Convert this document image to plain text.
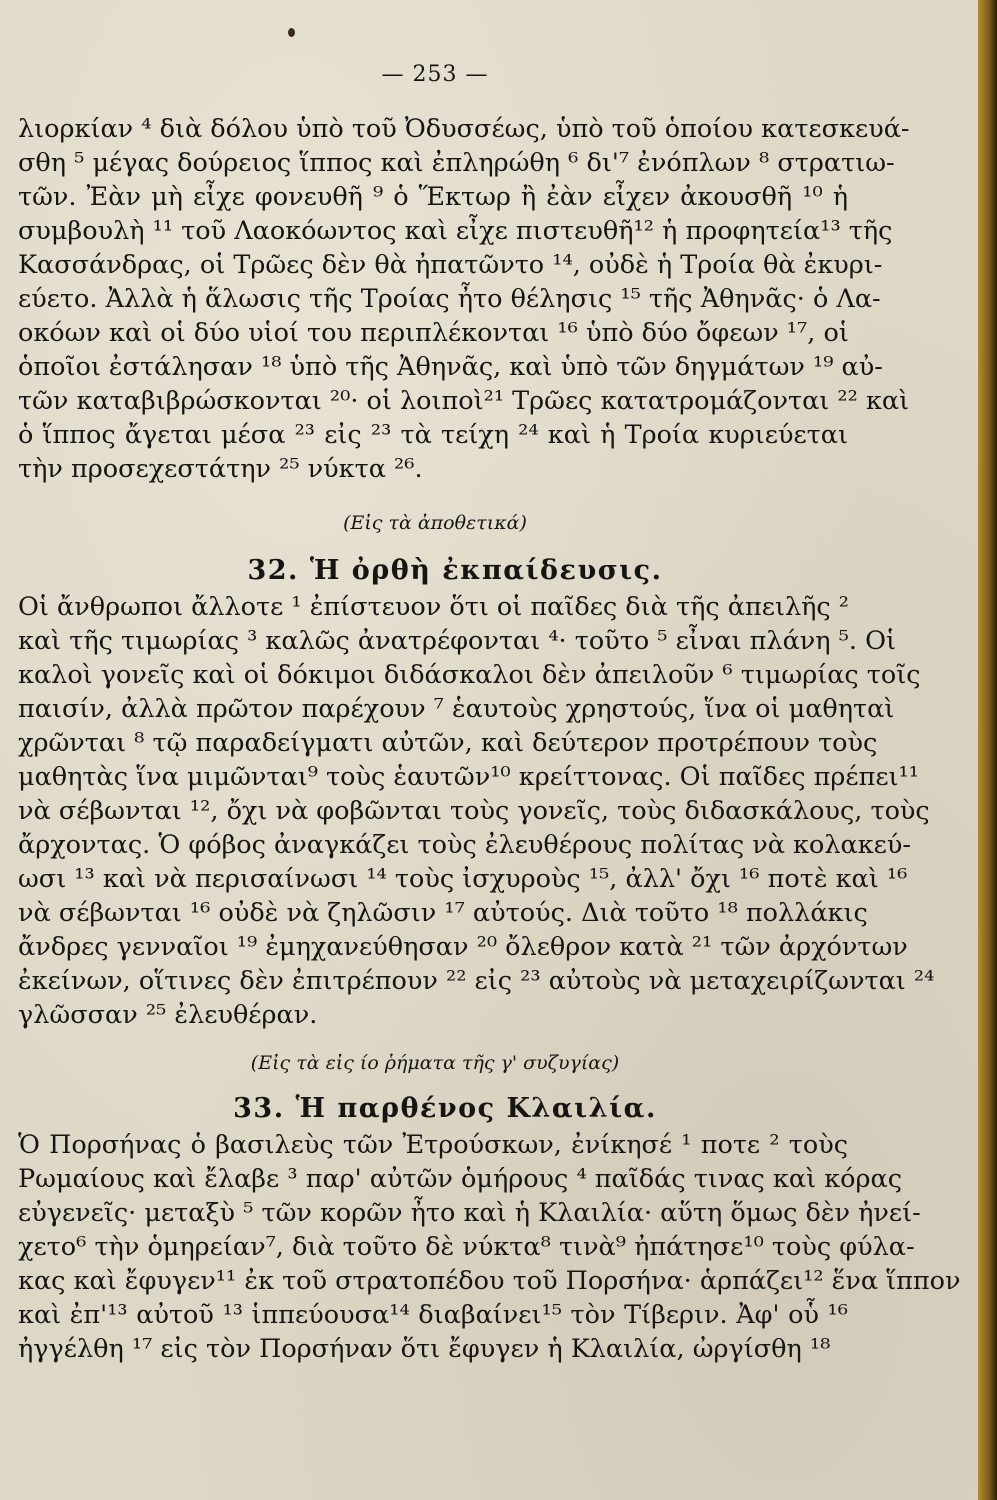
— 253 —
λιορκίαν ⁴ διὰ δόλου ὑπὸ τοῦ Ὀδυσσέως, ὑπὸ τοῦ ὁποίου κατεσκευά-
σθη ⁵ μέγας δούρειος ἵππος καὶ ἐπληρώθη ⁶ δι'⁷ ἐνόπλων ⁸ στρατιω-
τῶν. Ἐὰν μὴ εἶχε φονευθῆ ⁹ ὁ Ἕκτωρ ἢ ἐὰν εἶχεν ἀκουσθῆ ¹⁰ ἡ
συμβουλὴ ¹¹ τοῦ Λαοκόωντος καὶ εἶχε πιστευθῆ¹² ἡ προφητεία¹³ τῆς
Κασσάνδρας, οἱ Τρῶες δὲν θὰ ἠπατῶντο ¹⁴, οὐδὲ ἡ Τροία θὰ ἐκυρι-
εύετο. Ἀλλὰ ἡ ἅλωσις τῆς Τροίας ἦτο θέλησις ¹⁵ τῆς Ἀθηνᾶς· ὁ Λα-
οκόων καὶ οἱ δύο υἱοί του περιπλέκονται ¹⁶ ὑπὸ δύο ὄφεων ¹⁷, οἱ
ὁποῖοι ἐστάλησαν ¹⁸ ὑπὸ τῆς Ἀθηνᾶς, καὶ ὑπὸ τῶν δηγμάτων ¹⁹ αὐ-
τῶν καταβιβρώσκονται ²⁰· οἱ λοιποὶ²¹ Τρῶες κατατρομάζονται ²² καὶ
ὁ ἵππος ἄγεται μέσα ²³ εἰς ²³ τὰ τείχη ²⁴ καὶ ἡ Τροία κυριεύεται
τὴν προσεχεστάτην ²⁵ νύκτα ²⁶.
(Εἰς τὰ ἀποθετικά)
32. Ἡ ὀρθὴ ἐκπαίδευσις.
Οἱ ἄνθρωποι ἄλλοτε ¹ ἐπίστευον ὅτι οἱ παῖδες διὰ τῆς ἀπειλῆς ²
καὶ τῆς τιμωρίας ³ καλῶς ἀνατρέφονται ⁴· τοῦτο ⁵ εἶναι πλάνη ⁵. Οἱ
καλοὶ γονεῖς καὶ οἱ δόκιμοι διδάσκαλοι δὲν ἀπειλοῦν ⁶ τιμωρίας τοῖς
παισίν, ἀλλὰ πρῶτον παρέχουν ⁷ ἑαυτοὺς χρηστούς, ἵνα οἱ μαθηταὶ
χρῶνται ⁸ τῷ παραδείγματι αὐτῶν, καὶ δεύτερον προτρέπουν τοὺς
μαθητὰς ἵνα μιμῶνται⁹ τοὺς ἑαυτῶν¹⁰ κρείττονας. Οἱ παῖδες πρέπει¹¹
νὰ σέβωνται ¹², ὄχι νὰ φοβῶνται τοὺς γονεῖς, τοὺς διδασκάλους, τοὺς
ἄρχοντας. Ὁ φόβος ἀναγκάζει τοὺς ἐλευθέρους πολίτας νὰ κολακεύ-
ωσι ¹³ καὶ νὰ περισαίνωσι ¹⁴ τοὺς ἰσχυροὺς ¹⁵, ἀλλ' ὄχι ¹⁶ ποτὲ καὶ ¹⁶
νὰ σέβωνται ¹⁶ οὐδὲ νὰ ζηλῶσιν ¹⁷ αὐτούς. Διὰ τοῦτο ¹⁸ πολλάκις
ἄνδρες γενναῖοι ¹⁹ ἐμηχανεύθησαν ²⁰ ὄλεθρον κατὰ ²¹ τῶν ἀρχόντων
ἐκείνων, οἵτινες δὲν ἐπιτρέπουν ²² εἰς ²³ αὐτοὺς νὰ μεταχειρίζωνται ²⁴
γλῶσσαν ²⁵ ἐλευθέραν.
(Εἰς τὰ εἰς ίο ῥήματα τῆς γ' συζυγίας)
33. Ἡ παρθένος Κλαιλία.
Ὁ Πορσήνας ὁ βασιλεὺς τῶν Ἐτρούσκων, ἐνίκησέ ¹ ποτε ² τοὺς
Ρωμαίους καὶ ἔλαβε ³ παρ' αὐτῶν ὁμήρους ⁴ παῖδάς τινας καὶ κόρας
εὐγενεῖς· μεταξὺ ⁵ τῶν κορῶν ἦτο καὶ ἡ Κλαιλία· αὕτη ὅμως δὲν ἠνεί-
χετο⁶ τὴν ὁμηρείαν⁷, διὰ τοῦτο δὲ νύκτα⁸ τινὰ⁹ ἠπάτησε¹⁰ τοὺς φύλα-
κας καὶ ἔφυγεν¹¹ ἐκ τοῦ στρατοπέδου τοῦ Πορσήνα· ἁρπάζει¹² ἕνα ἵππον
καὶ ἐπ'¹³ αὐτοῦ ¹³ ἱππεύουσα¹⁴ διαβαίνει¹⁵ τὸν Τίβεριν. Ἀφ' οὗ ¹⁶
ἠγγέλθη ¹⁷ εἰς τὸν Πορσήναν ὅτι ἔφυγεν ἡ Κλαιλία, ὠργίσθη ¹⁸
